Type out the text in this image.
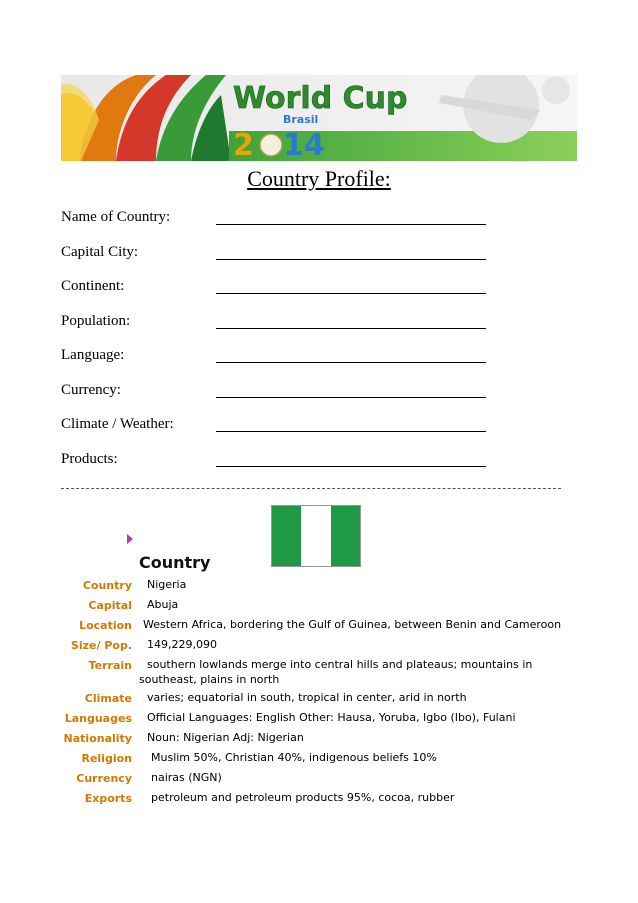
World Cup
Brasil
2 14
Country Profile:
Name of Country:
Capital City:
Continent:
Population:
Language:
Currency:
Climate / Weather:
Products:
Country
Country Nigeria
Capital Abuja
Location Western Africa, bordering the Gulf of Guinea, between Benin and Cameroon
Size/ Pop. 149,229,090
Terrain	southern lowlands merge into central hills and plateaus; mountains in southeast, plains in north
Climate varies; equatorial in south, tropical in center, arid in north
Languages Official Languages: English Other: Hausa, Yoruba, Igbo (Ibo), Fulani
Nationality Noun: Nigerian Adj: Nigerian
Religion Muslim 50%, Christian 40%, indigenous beliefs 10%
Currency nairas (NGN)
Exports petroleum and petroleum products 95%, cocoa, rubber
